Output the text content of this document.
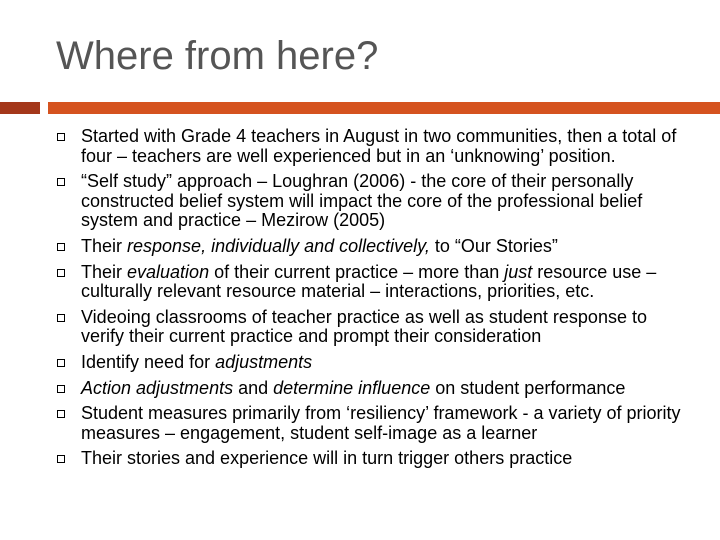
Where from here?
Started with Grade 4 teachers in August in two communities, then a total of four – teachers are well experienced but in an ‘unknowing’ position.
“Self study” approach – Loughran (2006) - the core of their personally constructed belief system will impact the core of the professional belief system and practice – Mezirow (2005)
Their response, individually and collectively, to “Our Stories”
Their evaluation of their current practice – more than just resource use – culturally relevant resource material – interactions, priorities, etc.
Videoing classrooms of teacher practice as well as student response to verify their current practice and prompt their consideration
Identify need for adjustments
Action adjustments and determine influence on student performance
Student measures primarily from ‘resiliency’ framework - a variety of priority measures – engagement, student self-image as a learner
Their stories and experience will in turn trigger others practice
